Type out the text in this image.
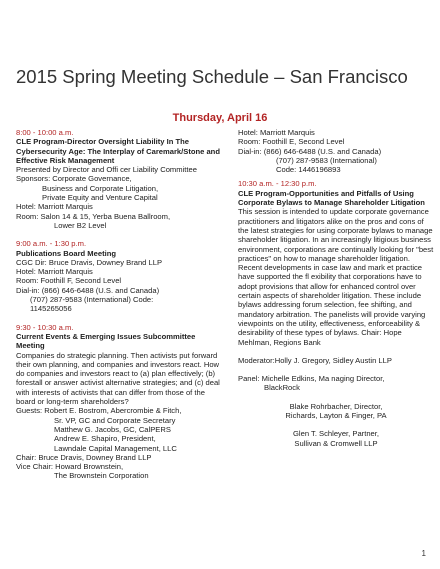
2015 Spring Meeting Schedule – San Francisco
Thursday, April 16
8:00 - 10:00 a.m.
CLE Program-Director Oversight Liability In The Cybersecurity Age: The Interplay of Caremark/Stone and Effective Risk Management
Presented by Director and Offi cer Liability Committee
Sponsors: Corporate Governance,
Business and Corporate Litigation,
Private Equity and Venture Capital
Hotel: Marriott Marquis
Room: Salon 14 & 15, Yerba Buena Ballroom,
Lower B2 Level
9:00 a.m. - 1:30 p.m.
Publications Board Meeting
CGC Dir: Bruce Dravis, Downey Brand LLP
Hotel: Marriott Marquis
Room: Foothill F, Second Level
Dial-in: (866) 646-6488 (U.S. and Canada)
(707) 287-9583 (International) Code:
1145265056
9:30 - 10:30 a.m.
Current Events & Emerging Issues Subcommittee Meeting
Companies do strategic planning. Then activists put forward their own planning, and companies and investors react. How do companies and investors react to (a) plan effectively; (b) forestall or answer activist alternative strategies; and (c) deal with interests of activists that can differ from those of the board or long-term shareholders?
Guests: Robert E. Bostrom, Abercrombie & Fitch,
Sr. VP, GC and Corporate Secretary
Matthew G. Jacobs, GC, CalPERS
Andrew E. Shapiro, President,
Lawndale Capital Management, LLC
Chair: Bruce Dravis, Downey Brand LLP
Vice Chair: Howard Brownstein,
The Brownstein Corporation
Hotel: Marriott Marquis
Room: Foothill E, Second Level
Dial-in: (866) 646-6488 (U.S. and Canada)
(707) 287-9583 (International)
Code: 1446196893
10:30 a.m. - 12:30 p.m.
CLE Program-Opportunities and Pitfalls of Using Corporate Bylaws to Manage Shareholder Litigation
This session is intended to update corporate governance practitioners and litigators alike on the pros and cons of the latest strategies for using corporate bylaws to manage shareholder litigation. In an increasingly litigious business environment, corporations are continually looking for "best practices" on how to manage shareholder litigation. Recent developments in case law and mark et practice have supported the fl exibility that corporations have to adopt provisions that allow for enhanced control over certain aspects of shareholder litigation. These include bylaws addressing forum selection, fee shifting, and mandatory arbitration. The panelists will provide varying viewpoints on the utility, effectiveness, enforceability & desirability of these types of bylaws. Chair: Hope Mehlman, Regions Bank
Moderator:Holly J. Gregory, Sidley Austin LLP
Panel: Michelle Edkins, Ma naging Director,
BlackRock
Blake Rohrbacher, Director,
Richards, Layton & Finger, PA
Glen T. Schleyer, Partner,
Sullivan & Cromwell LLP
1
